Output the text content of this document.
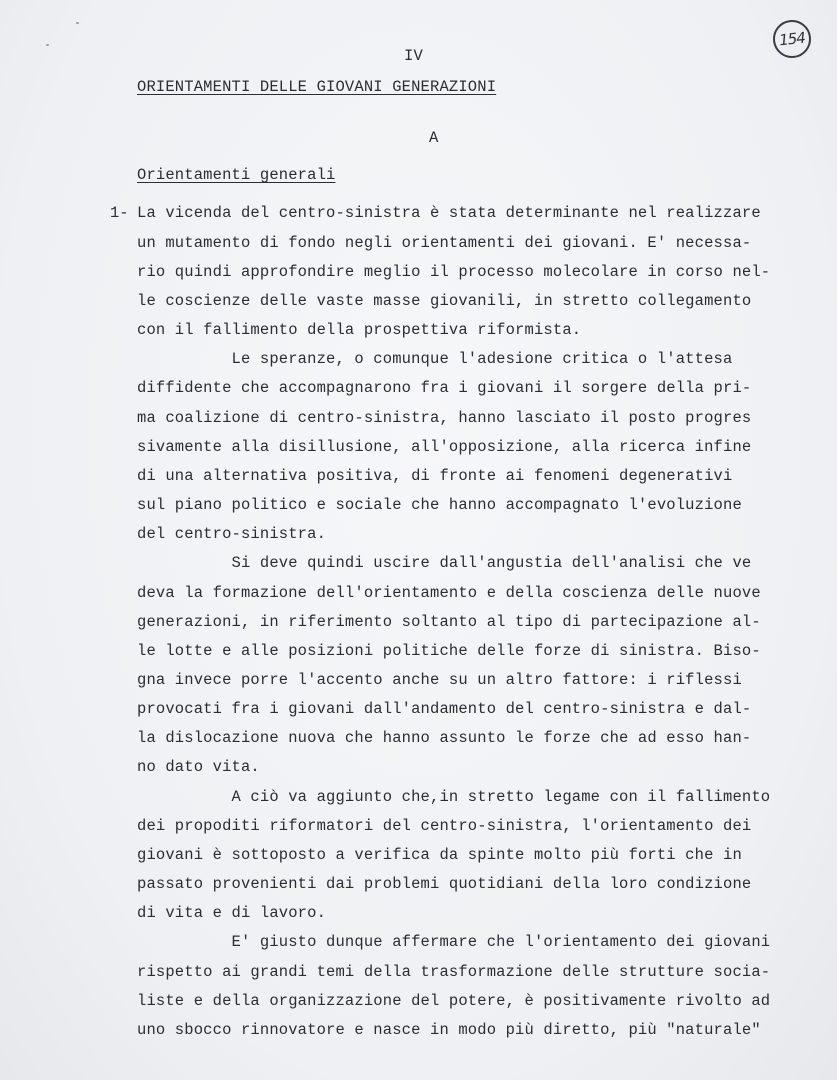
154
IV
ORIENTAMENTI DELLE GIOVANI GENERAZIONI
A
Orientamenti generali
1- La vicenda del centro-sinistra è stata determinante nel realizzare
un mutamento di fondo negli orientamenti dei giovani. E' necessa-
rio quindi approfondire meglio il processo molecolare in corso nel-
le coscienze delle vaste masse giovanili, in stretto collegamento
con il fallimento della prospettiva riformista.
Le speranze, o comunque l'adesione critica o l'attesa
diffidente che accompagnarono fra i giovani il sorgere della pri-
ma coalizione di centro-sinistra, hanno lasciato il posto progres
sivamente alla disillusione, all'opposizione, alla ricerca infine
di una alternativa positiva, di fronte ai fenomeni degenerativi
sul piano politico e sociale che hanno accompagnato l'evoluzione
del centro-sinistra.
Si deve quindi uscire dall'angustia dell'analisi che ve
deva la formazione dell'orientamento e della coscienza delle nuove
generazioni, in riferimento soltanto al tipo di partecipazione al-
le lotte e alle posizioni politiche delle forze di sinistra. Biso-
gna invece porre l'accento anche su un altro fattore: i riflessi
provocati fra i giovani dall'andamento del centro-sinistra e dal-
la dislocazione nuova che hanno assunto le forze che ad esso han-
no dato vita.
A ciò va aggiunto che,in stretto legame con il fallimento
dei propoditi riformatori del centro-sinistra, l'orientamento dei
giovani è sottoposto a verifica da spinte molto più forti che in
passato provenienti dai problemi quotidiani della loro condizione
di vita e di lavoro.
E' giusto dunque affermare che l'orientamento dei giovani
rispetto ai grandi temi della trasformazione delle strutture socia-
liste e della organizzazione del potere, è positivamente rivolto ad
uno sbocco rinnovatore e nasce in modo più diretto, più "naturale"
